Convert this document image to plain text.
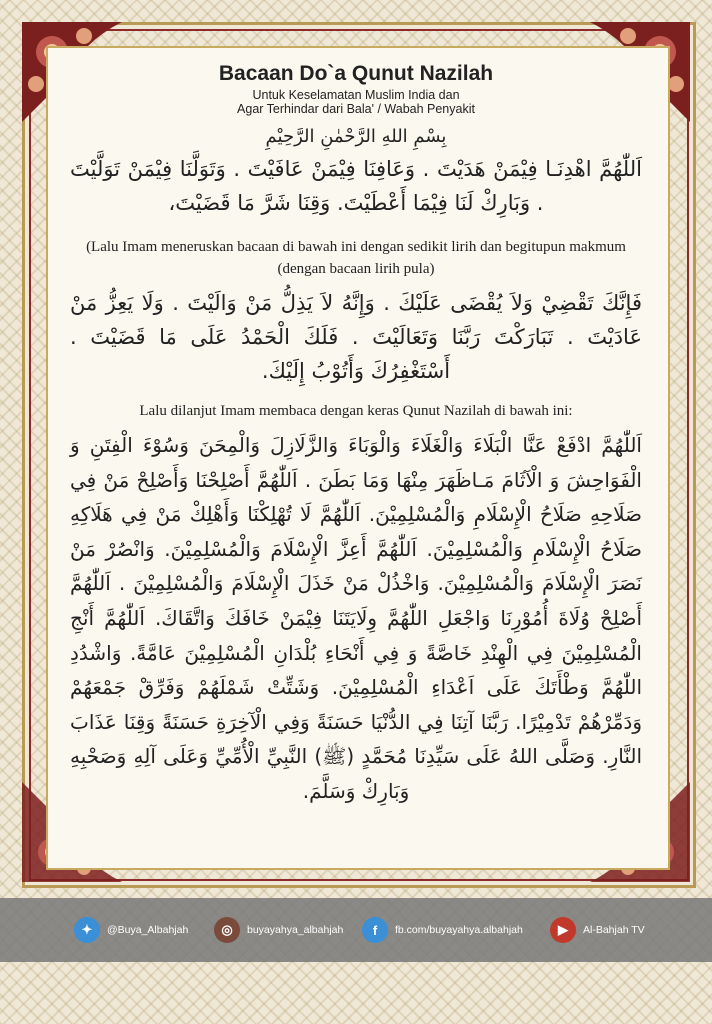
Bacaan Do`a Qunut Nazilah
Untuk Keselamatan Muslim India dan
Agar Terhindar dari Bala' / Wabah Penyakit
بِسْمِ اللهِ الرَّحْمٰنِ الرَّحِيْمِ
اَللّٰهُمَّ اهْدِنَـا فِيْمَنْ هَدَيْتَ . وَعَافِنَا فِيْمَنْ عَافَيْتَ . وَتَوَلَّنَا فِيْمَنْ تَوَلَّيْتَ . وَبَارِكْ لَنَا فِيْمَا أَعْطَيْتَ. وَقِنَا شَرَّ مَا قَضَيْتَ،
(Lalu Imam meneruskan bacaan di bawah ini dengan sedikit lirih dan begitupun makmum (dengan bacaan lirih pula)
فَإِنَّكَ تَقْضِيْ وَلاَ يُقْضَى عَلَيْكَ . وَإِنَّهُ لاَ يَذِلُّ مَنْ وَالَيْتَ . وَلَا يَعِزُّ مَنْ عَادَيْتَ . تَبَارَكْتَ رَبَّنَا وَتَعَالَيْتَ . فَلَكَ الْحَمْدُ عَلَى مَا قَضَيْتَ . أَسْتَغْفِرُكَ وَأَتُوْبُ إِلَيْكَ.
Lalu dilanjut Imam membaca dengan keras Qunut Nazilah di bawah ini:
اَللّٰهُمَّ ادْفَعْ عَنَّا الْبَلَاءَ وَالْغَلَاءَ وَالْوَبَاءَ وَالزَّلَازِلَ وَالْمِحَنَ وَسُوْءَ الْفِتَنِ وَ الْفَوَاحِشَ وَ الْآثَامَ مَـاظَهَرَ مِنْهَا وَمَا بَطَنَ . اَللّٰهُمَّ أَصْلِحْنَا وَأَصْلِحْ مَنْ فِي صَلَاحِهِ صَلَاحُ الْإِسْلَامِ وَالْمُسْلِمِيْنَ. اَللّٰهُمَّ لَا تُهْلِكْنَا وَأَهْلِكْ مَنْ فِي هَلَاكِهِ صَلَاحُ الْإِسْلَامِ وَالْمُسْلِمِيْنَ. اَللّٰهُمَّ أَعِزَّ الْإِسْلَامَ وَالْمُسْلِمِيْنَ. وَانْصُرْ مَنْ نَصَرَ الْإِسْلَامَ وَالْمُسْلِمِيْنَ. وَاخْذُلْ مَنْ خَذَلَ الْإِسْلَامَ وَالْمُسْلِمِيْنَ . اَللّٰهُمَّ أَصْلِحْ وُلَاةَ أُمُوْرِنَا وَاجْعَلِ اللّٰهُمَّ وِلَايَتَنَا فِيْمَنْ خَافَكَ وَاتَّقَاكَ. اَللّٰهُمَّ أَنْجِ الْمُسْلِمِيْنَ فِي الْهِنْدِ خَاصَّةً وَ فِي أَنْحَاءِ بُلْدَانِ الْمُسْلِمِيْنَ عَامَّةً. وَاشْدُدِ اللّٰهُمَّ وَطْأَتَكَ عَلَى اَعْدَاءِ الْمُسْلِمِيْنَ. وَشَتِّتْ شَمْلَهُمْ وَفَرِّقْ جَمْعَهُمْ وَدَمِّرْهُمْ تَدْمِيْرًا. رَبَّنَا آتِنَا فِي الدُّنْيَا حَسَنَةً وَفِي الْآخِرَةِ حَسَنَةً وَقِنَا عَذَابَ النَّارِ. وَصَلَّى اللهُ عَلَى سَيِّدِنَا مُحَمَّدٍ (ﷺ) النَّبِيِّ الْأُمِّيِّ وَعَلَى آلِهِ وَصَحْبِهِ وَبَارِكْ وَسَلَّمَ.
✦	@Buya_Albahjah	◎	buyayahya_albahjah	f	fb.com/buyayahya.albahjah	▶	Al-Bahjah TV
